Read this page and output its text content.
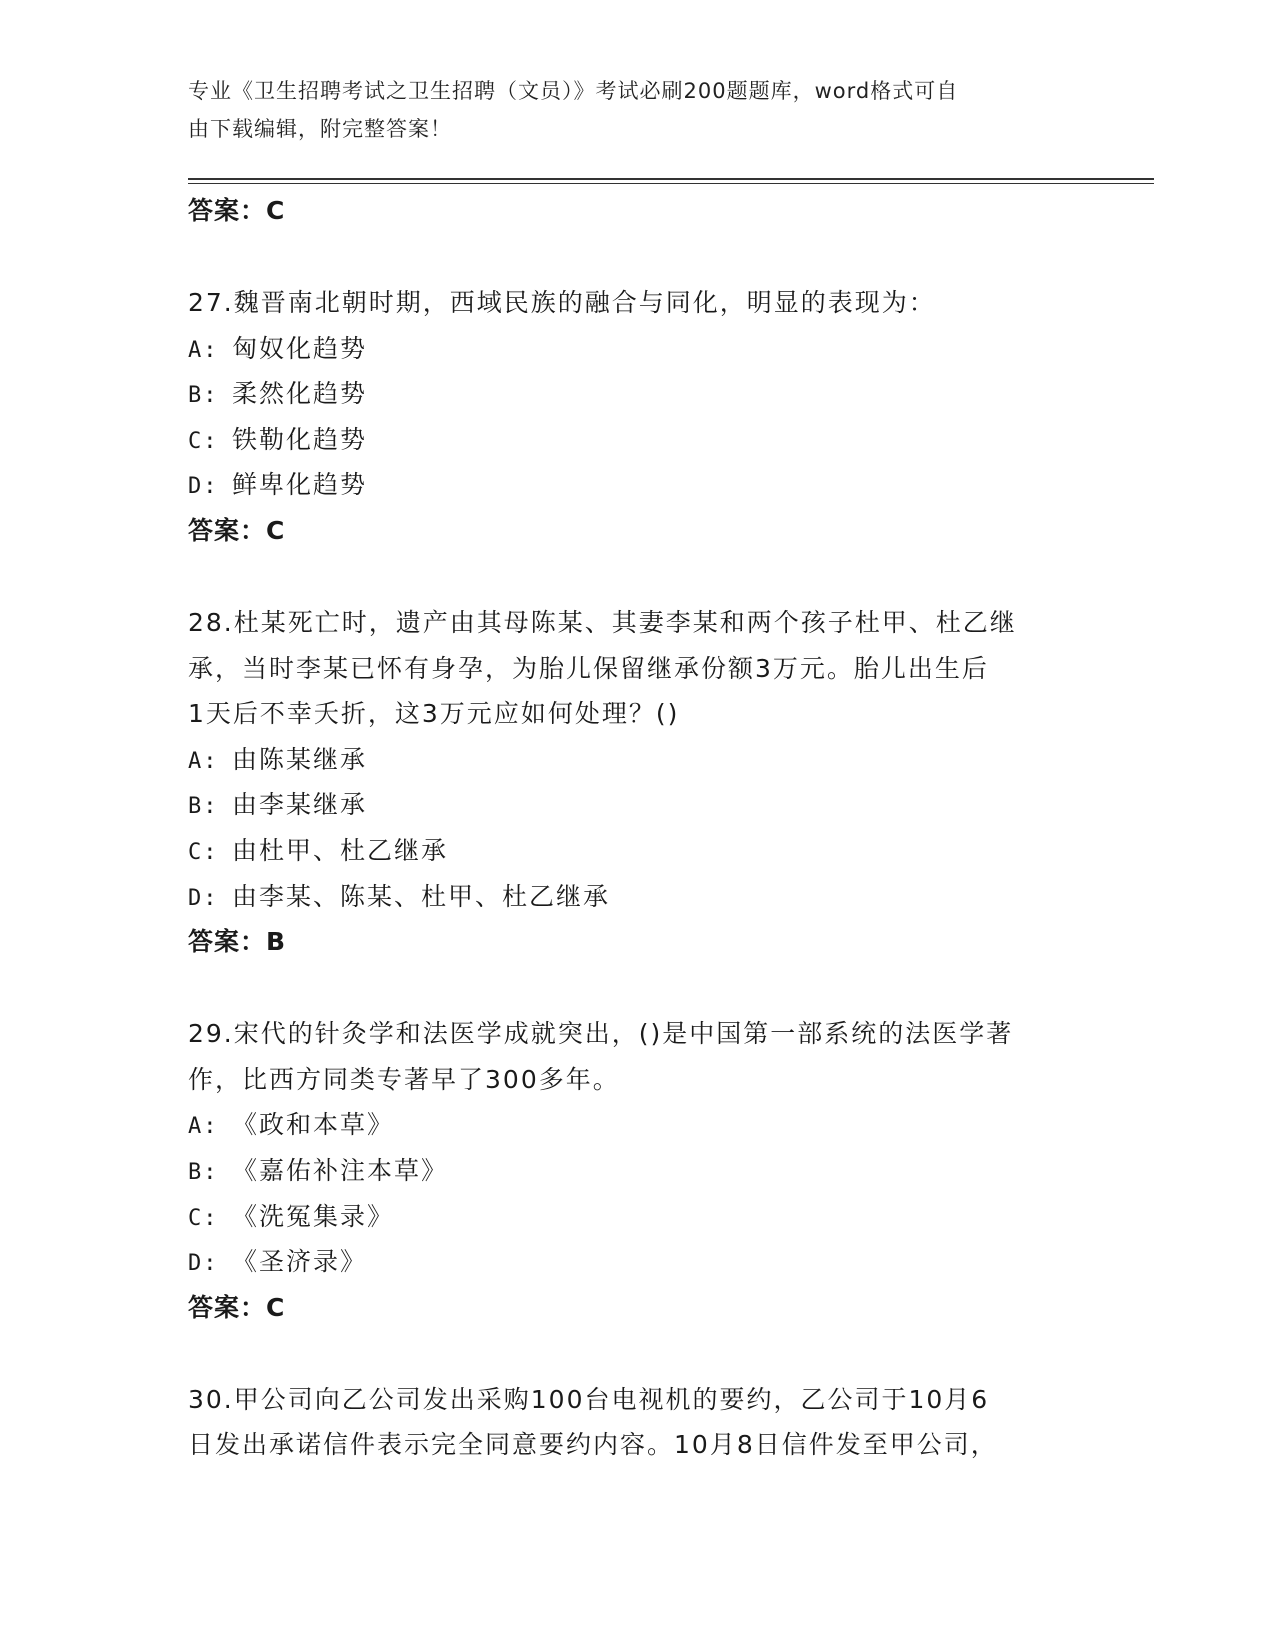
专业《卫生招聘考试之卫生招聘（文员）》考试必刷200题题库，word格式可自
由下载编辑，附完整答案！
答案：C
27.魏晋南北朝时期，西域民族的融合与同化，明显的表现为：
A: 匈奴化趋势
B: 柔然化趋势
C: 铁勒化趋势
D: 鲜卑化趋势
答案：C
28.杜某死亡时，遗产由其母陈某、其妻李某和两个孩子杜甲、杜乙继
承，当时李某已怀有身孕，为胎儿保留继承份额3万元。胎儿出生后
1天后不幸夭折，这3万元应如何处理？()
A: 由陈某继承
B: 由李某继承
C: 由杜甲、杜乙继承
D: 由李某、陈某、杜甲、杜乙继承
答案：B
29.宋代的针灸学和法医学成就突出，()是中国第一部系统的法医学著
作，比西方同类专著早了300多年。
A: 《政和本草》
B: 《嘉佑补注本草》
C: 《洗冤集录》
D: 《圣济录》
答案：C
30.甲公司向乙公司发出采购100台电视机的要约，乙公司于10月6
日发出承诺信件表示完全同意要约内容。10月8日信件发至甲公司，
